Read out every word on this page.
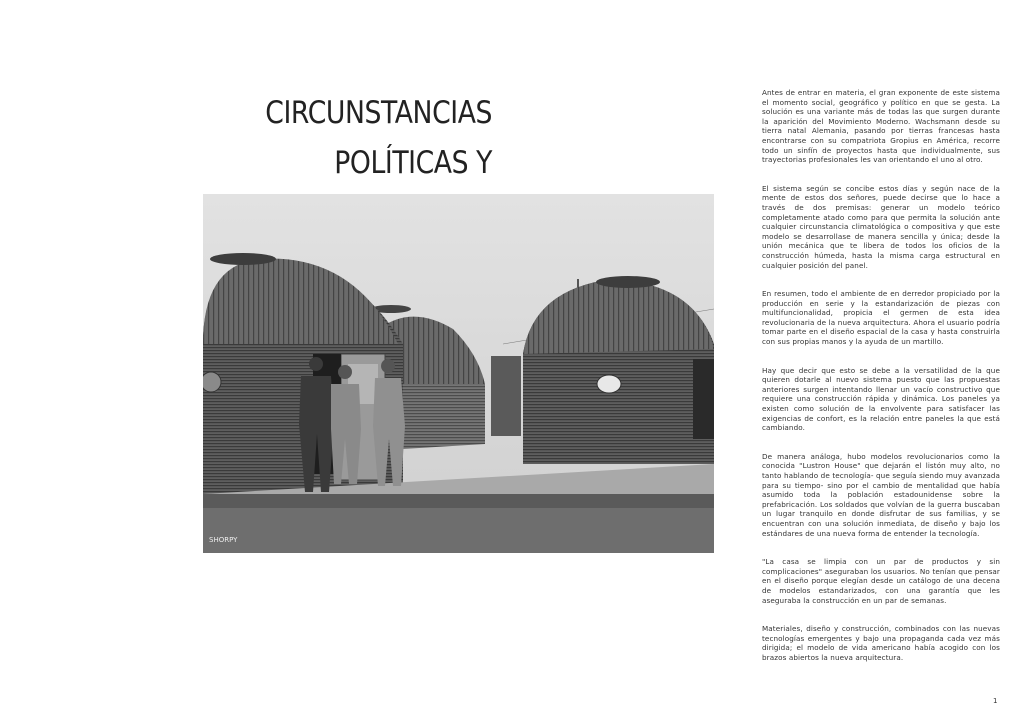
CIRCUNSTANCIAS POLÍTICAS Y

SHORPY

Antes de entrar en materia, el gran exponente de este sistema el momento social, geográfico y político en que se gesta. La solución es una variante más de todas las que surgen durante la aparición del Movimiento Moderno. Wachsmann desde su tierra natal Alemania, pasando por tierras francesas hasta encontrarse con su compatriota Gropius en América, recorre todo un sinfín de proyectos hasta que individualmente, sus trayectorias profesionales les van orientando el uno al otro.

El sistema según se concibe estos días y según nace de la mente de estos dos señores, puede decirse que lo hace a través de dos premisas: generar un modelo teórico completamente atado como para que permita la solución ante cualquier circunstancia climatológica o compositiva y que este modelo se desarrollase de manera sencilla y única; desde la unión mecánica que te libera de todos los oficios de la construcción húmeda, hasta la misma carga estructural en cualquier posición del panel.

En resumen, todo el ambiente de en derredor propiciado por la producción en serie y la estandarización de piezas con multifuncionalidad, propicia el germen de esta idea revolucionaria de la nueva arquitectura. Ahora el usuario podría tomar parte en el diseño espacial de la casa y hasta construirla con sus propias manos y la ayuda de un martillo.

Hay que decir que esto se debe a la versatilidad de la que quieren dotarle al nuevo sistema puesto que las propuestas anteriores surgen intentando llenar un vacío constructivo que requiere una construcción rápida y dinámica. Los paneles ya existen como solución de la envolvente para satisfacer las exigencias de confort, es la relación entre paneles la que está cambiando.

De manera análoga, hubo modelos revolucionarios como la conocida "Lustron House" que dejarán el listón muy alto, no tanto hablando de tecnología- que seguía siendo muy avanzada para su tiempo- sino por el cambio de mentalidad que había asumido toda la población estadounidense sobre la prefabricación. Los soldados que volvían de la guerra buscaban un lugar tranquilo en donde disfrutar de sus familias, y se encuentran con una solución inmediata, de diseño y bajo los estándares de una nueva forma de entender la tecnología.

"La casa se limpia con un par de productos y sin complicaciones" aseguraban los usuarios. No tenían que pensar en el diseño porque elegían desde un catálogo de una decena de modelos estandarizados, con una garantía que les aseguraba la construcción en un par de semanas.

Materiales, diseño y construcción, combinados con las nuevas tecnologías emergentes y bajo una propaganda cada vez más dirigida; el modelo de vida americano había acogido con los brazos abiertos la nueva arquitectura.

1
